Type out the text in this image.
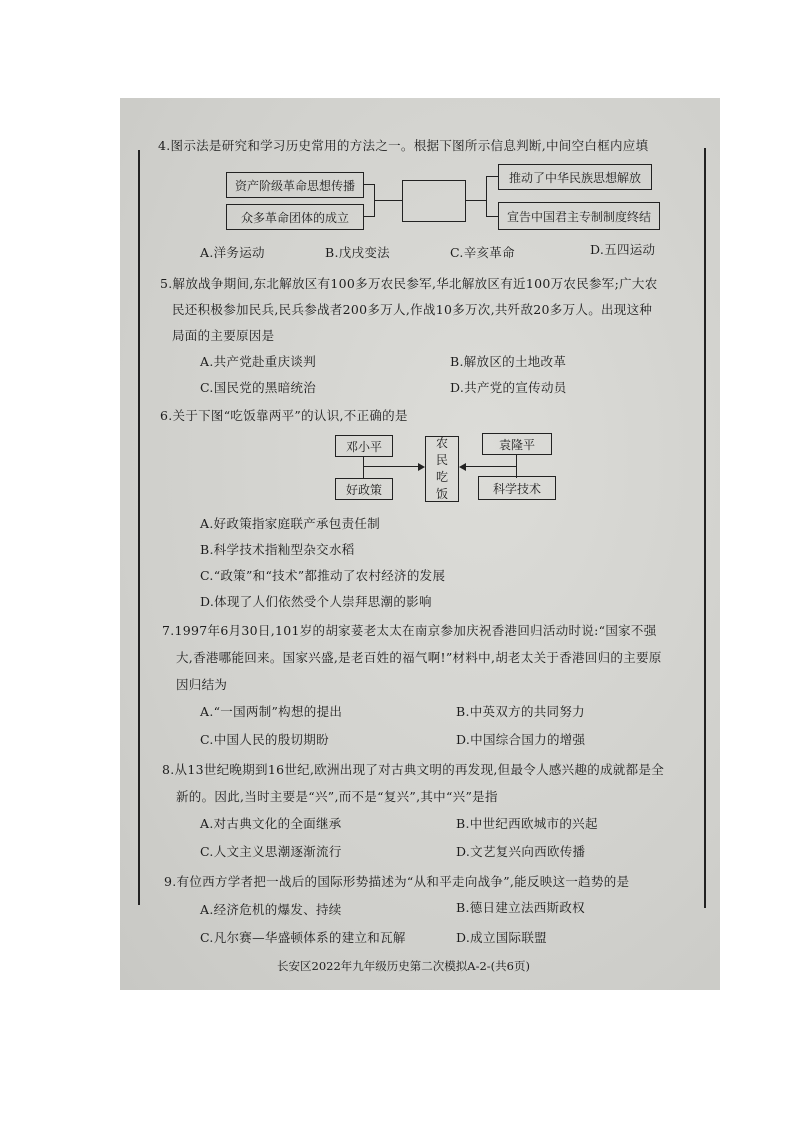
4.图示法是研究和学习历史常用的方法之一。根据下图所示信息判断,中间空白框内应填
资产阶级革命思想传播
众多革命团体的成立
推动了中华民族思想解放
宣告中国君主专制制度终结
A.洋务运动	B.戊戌变法	C.辛亥革命	D.五四运动
5.解放战争期间,东北解放区有100多万农民参军,华北解放区有近100万农民参军;广大农
民还积极参加民兵,民兵参战者200多万人,作战10多万次,共歼敌20多万人。出现这种
局面的主要原因是
A.共产党赴重庆谈判	B.解放区的土地改革
C.国民党的黑暗统治	D.共产党的宣传动员
6.关于下图“吃饭靠两平”的认识,不正确的是
邓小平
好政策
农
民
吃
饭
袁隆平
科学技术
A.好政策指家庭联产承包责任制
B.科学技术指籼型杂交水稻
C.“政策”和“技术”都推动了农村经济的发展
D.体现了人们依然受个人崇拜思潮的影响
7.1997年6月30日,101岁的胡家荽老太太在南京参加庆祝香港回归活动时说:“国家不强
大,香港哪能回来。国家兴盛,是老百姓的福气啊!”材料中,胡老太关于香港回归的主要原
因归结为
A.“一国两制”构想的提出	B.中英双方的共同努力
C.中国人民的殷切期盼	D.中国综合国力的增强
8.从13世纪晚期到16世纪,欧洲出现了对古典文明的再发现,但最令人感兴趣的成就都是全
新的。因此,当时主要是“兴”,而不是“复兴”,其中“兴”是指
A.对古典文化的全面继承	B.中世纪西欧城市的兴起
C.人文主义思潮逐渐流行	D.文艺复兴向西欧传播
9.有位西方学者把一战后的国际形势描述为“从和平走向战争”,能反映这一趋势的是
A.经济危机的爆发、持续	B.德日建立法西斯政权
C.凡尔赛—华盛顿体系的建立和瓦解	D.成立国际联盟
长安区2022年九年级历史第二次模拟A-2-(共6页)
